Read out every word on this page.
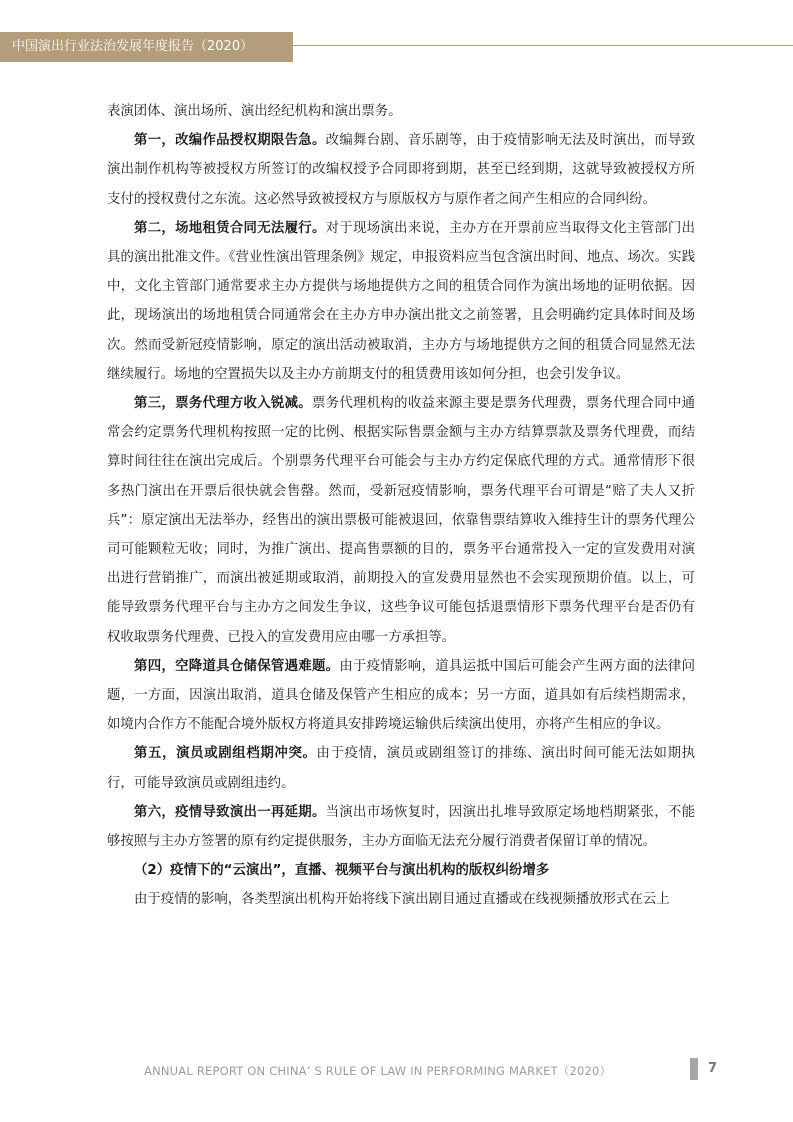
中国演出行业法治发展年度报告（2020）

表演团体、演出场所、演出经纪机构和演出票务。

第一，改编作品授权期限告急。改编舞台剧、音乐剧等，由于疫情影响无法及时演出，而导致演出制作机构等被授权方所签订的改编权授予合同即将到期，甚至已经到期，这就导致被授权方所支付的授权费付之东流。这必然导致被授权方与原版权方与原作者之间产生相应的合同纠纷。

第二，场地租赁合同无法履行。对于现场演出来说，主办方在开票前应当取得文化主管部门出具的演出批准文件。《营业性演出管理条例》规定，申报资料应当包含演出时间、地点、场次。实践中，文化主管部门通常要求主办方提供与场地提供方之间的租赁合同作为演出场地的证明依据。因此，现场演出的场地租赁合同通常会在主办方申办演出批文之前签署，且会明确约定具体时间及场次。然而受新冠疫情影响，原定的演出活动被取消，主办方与场地提供方之间的租赁合同显然无法继续履行。场地的空置损失以及主办方前期支付的租赁费用该如何分担，也会引发争议。

第三，票务代理方收入锐减。票务代理机构的收益来源主要是票务代理费，票务代理合同中通常会约定票务代理机构按照一定的比例、根据实际售票金额与主办方结算票款及票务代理费，而结算时间往往在演出完成后。个别票务代理平台可能会与主办方约定保底代理的方式。通常情形下很多热门演出在开票后很快就会售罄。然而，受新冠疫情影响，票务代理平台可谓是“赔了夫人又折兵”：原定演出无法举办，经售出的演出票极可能被退回，依靠售票结算收入维持生计的票务代理公司可能颗粒无收；同时，为推广演出、提高售票额的目的，票务平台通常投入一定的宣发费用对演出进行营销推广，而演出被延期或取消，前期投入的宣发费用显然也不会实现预期价值。以上，可能导致票务代理平台与主办方之间发生争议，这些争议可能包括退票情形下票务代理平台是否仍有权收取票务代理费、已投入的宣发费用应由哪一方承担等。

第四，空降道具仓储保管遇难题。由于疫情影响，道具运抵中国后可能会产生两方面的法律问题，一方面，因演出取消，道具仓储及保管产生相应的成本；另一方面，道具如有后续档期需求，如境内合作方不能配合境外版权方将道具安排跨境运输供后续演出使用，亦将产生相应的争议。

第五，演员或剧组档期冲突。由于疫情，演员或剧组签订的排练、演出时间可能无法如期执行，可能导致演员或剧组违约。

第六，疫情导致演出一再延期。当演出市场恢复时，因演出扎堆导致原定场地档期紧张，不能够按照与主办方签署的原有约定提供服务，主办方面临无法充分履行消费者保留订单的情况。

（2）疫情下的“云演出”，直播、视频平台与演出机构的版权纠纷增多

由于疫情的影响，各类型演出机构开始将线下演出剧目通过直播或在线视频播放形式在云上

ANNUAL REPORT ON CHINA’ S RULE OF LAW IN PERFORMING MARKET（2020）	7
